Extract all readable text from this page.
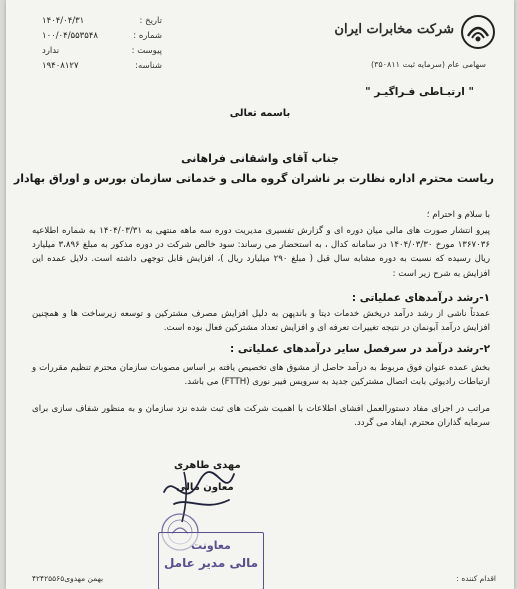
تاریخ :
۱۴۰۴/۰۴/۳۱
شماره :
۱۰۰/۰۴/۵۵۳۵۴۸
پیوست :
ندارد
شناسه:
۱۹۴۰۸۱۲۷
شرکت مخابرات ایران
سهامی عام (سرمایه ثبت ۳۵۰۸۱۱)
" ارتبـاطی فـراگیـر "
باسمه تعالی
جناب آقای واشقانی فراهانی
ریاست محترم اداره نظارت بر ناشران گروه مالی و خدماتی سازمان بورس و اوراق بهادار

با سلام و احترام ؛

پیرو انتشار صورت های مالی میان دوره ای و گزارش تفسیری مدیریت دوره سه ماهه منتهی به ۱۴۰۴/۰۳/۳۱ به شماره اطلاعیه ۱۳۶۷۰۳۶ مورخ ۱۴۰۴/۰۳/۳۰ در سامانه کدال ، به استحضار می رساند: سود خالص شرکت در دوره مذکور به مبلغ ۳،۸۹۶ میلیارد ریال رسیده که نسبت به دوره مشابه سال قبل ( مبلغ ۲۹۰ میلیارد ریال )، افزایش قابل توجهی داشته است. دلایل عمده این افزایش به شرح زیر است :

۱-رشد درآمدهای عملیاتی :

عمدتاً ناشی از رشد درآمد دریخش خدمات دیتا و باندپهن به دلیل افزایش مصرف مشترکین و توسعه زیرساخت ها و همچنین افزایش درآمد آبونمان در نتیجه تغییرات تعرفه ای و افزایش تعداد مشترکین فعال بوده است.

۲-رشد درآمد در سرفصل سایر درآمدهای عملیاتی :

بخش عمده عنوان فوق مربوط به درآمد حاصل از مشوق های تخصیص یافته بر اساس مصوبات سازمان محترم تنظیم مقررات و ارتباطات رادیوئی بابت اتصال مشترکین جدید به سرویس فیبر نوری (FTTH) می باشد.

مراتب در اجرای مفاد دستورالعمل افشای اطلاعات با اهمیت شرکت های ثبت شده نزد سازمان و به منظور شفاف سازی برای سرمایه گذاران محترم، ایفاد می گردد.

مهدی طاهری
معاون مالی
معاونت
مالی مدیر عامل
اقدام کننده :
بهمن مهدوی۴۲۴۲۵۵۶۵
